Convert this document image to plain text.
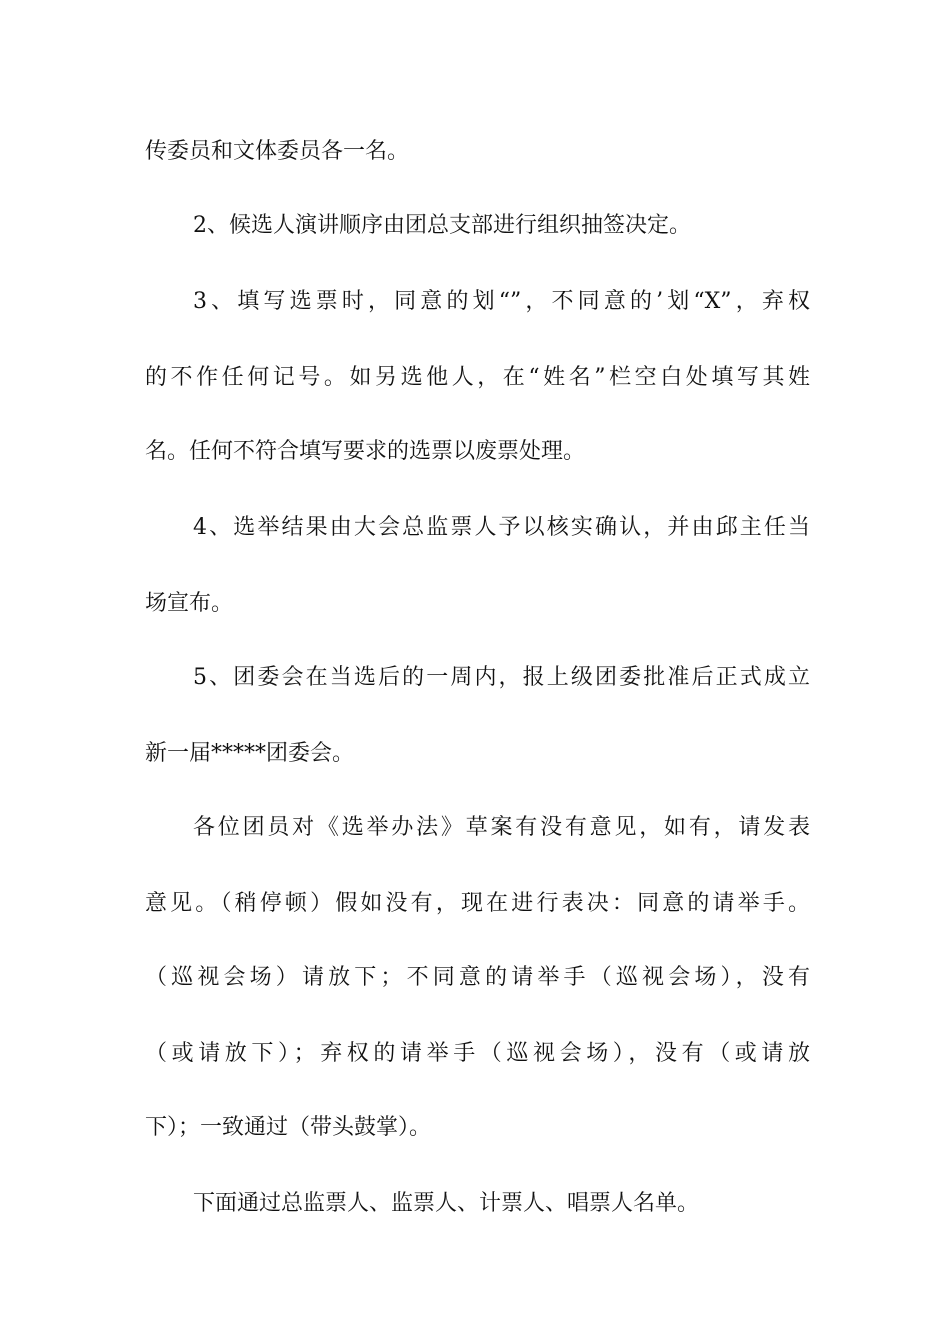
传委员和文体委员各一名。

2、候选人演讲顺序由团总支部进行组织抽签决定。

3、填写选票时，同意的划“”，不同意的’划“X”，弃权

的不作任何记号。如另选他人，在“姓名”栏空白处填写其姓

名。任何不符合填写要求的选票以废票处理。

4、选举结果由大会总监票人予以核实确认，并由邱主任当

场宣布。

5、团委会在当选后的一周内，报上级团委批准后正式成立

新一届*****团委会。

各位团员对《选举办法》草案有没有意见，如有，请发表

意见。（稍停顿）假如没有，现在进行表决：同意的请举手。

（巡视会场）请放下；不同意的请举手（巡视会场），没有

（或请放下）；弃权的请举手（巡视会场），没有（或请放

下）；一致通过（带头鼓掌）。

下面通过总监票人、监票人、计票人、唱票人名单。
